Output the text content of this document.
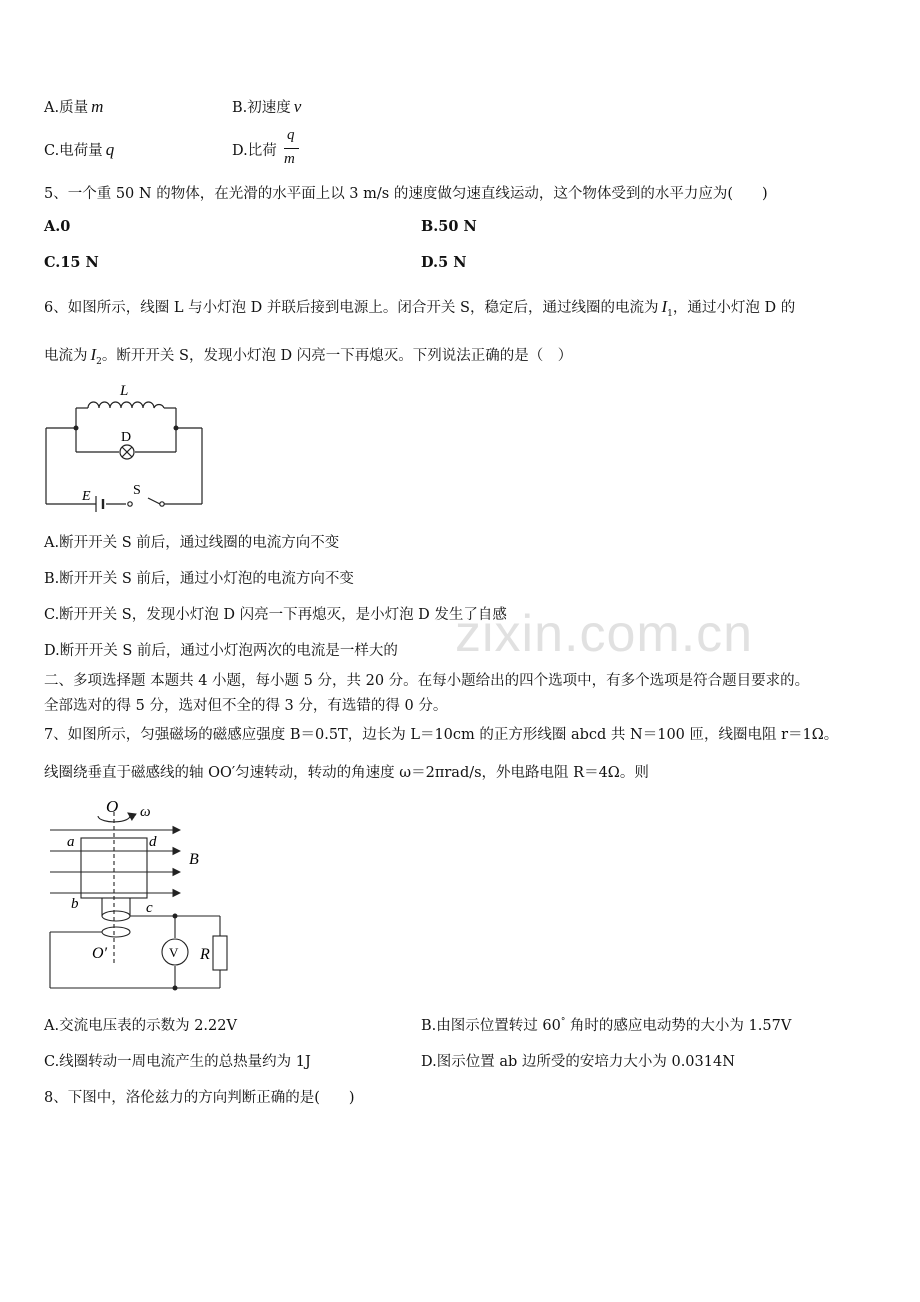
A.质量 m	B.初速度 v
C.电荷量 q	D.比荷
q
m
5、一个重 50 N 的物体，在光滑的水平面上以 3 m/s 的速度做匀速直线运动，这个物体受到的水平力应为(　　)
A.0	B.50 N
C.15 N	D.5 N
6、如图所示，线圈 L 与小灯泡 D 并联后接到电源上。闭合开关 S，稳定后，通过线圈的电流为 $I_1$，通过小灯泡 D 的
电流为 $I_2$。断开开关 S，发现小灯泡 D 闪亮一下再熄灭。下列说法正确的是（　）
L
D
E	S
A.断开开关 S 前后，通过线圈的电流方向不变
B.断开开关 S 前后，通过小灯泡的电流方向不变
C.断开开关 S，发现小灯泡 D 闪亮一下再熄灭，是小灯泡 D 发生了自感
D.断开开关 S 前后，通过小灯泡两次的电流是一样大的 zixin.com.cn
二、多项选择题 本题共 4 小题，每小题 5 分，共 20 分。在每小题给出的四个选项中，有多个选项是符合题目要求的。
全部选对的得 5 分，选对但不全的得 3 分，有选错的得 0 分。
7、如图所示，匀强磁场的磁感应强度 B＝0.5T，边长为 L＝10cm 的正方形线圈 abcd 共 N＝100 匝，线圈电阻 r＝1Ω。
线圈绕垂直于磁感线的轴 OO′匀速转动，转动的角速度 ω＝2πrad/s，外电路电阻 R＝4Ω。则
O ω
a	d
B
b	c
O′	V R
A.交流电压表的示数为 2.22V	B.由图示位置转过 60° 角时的感应电动势的大小为 1.57V
C.线圈转动一周电流产生的总热量约为 1J	D.图示位置 ab 边所受的安培力大小为 0.0314N
8、下图中，洛伦兹力的方向判断正确的是(　　)
